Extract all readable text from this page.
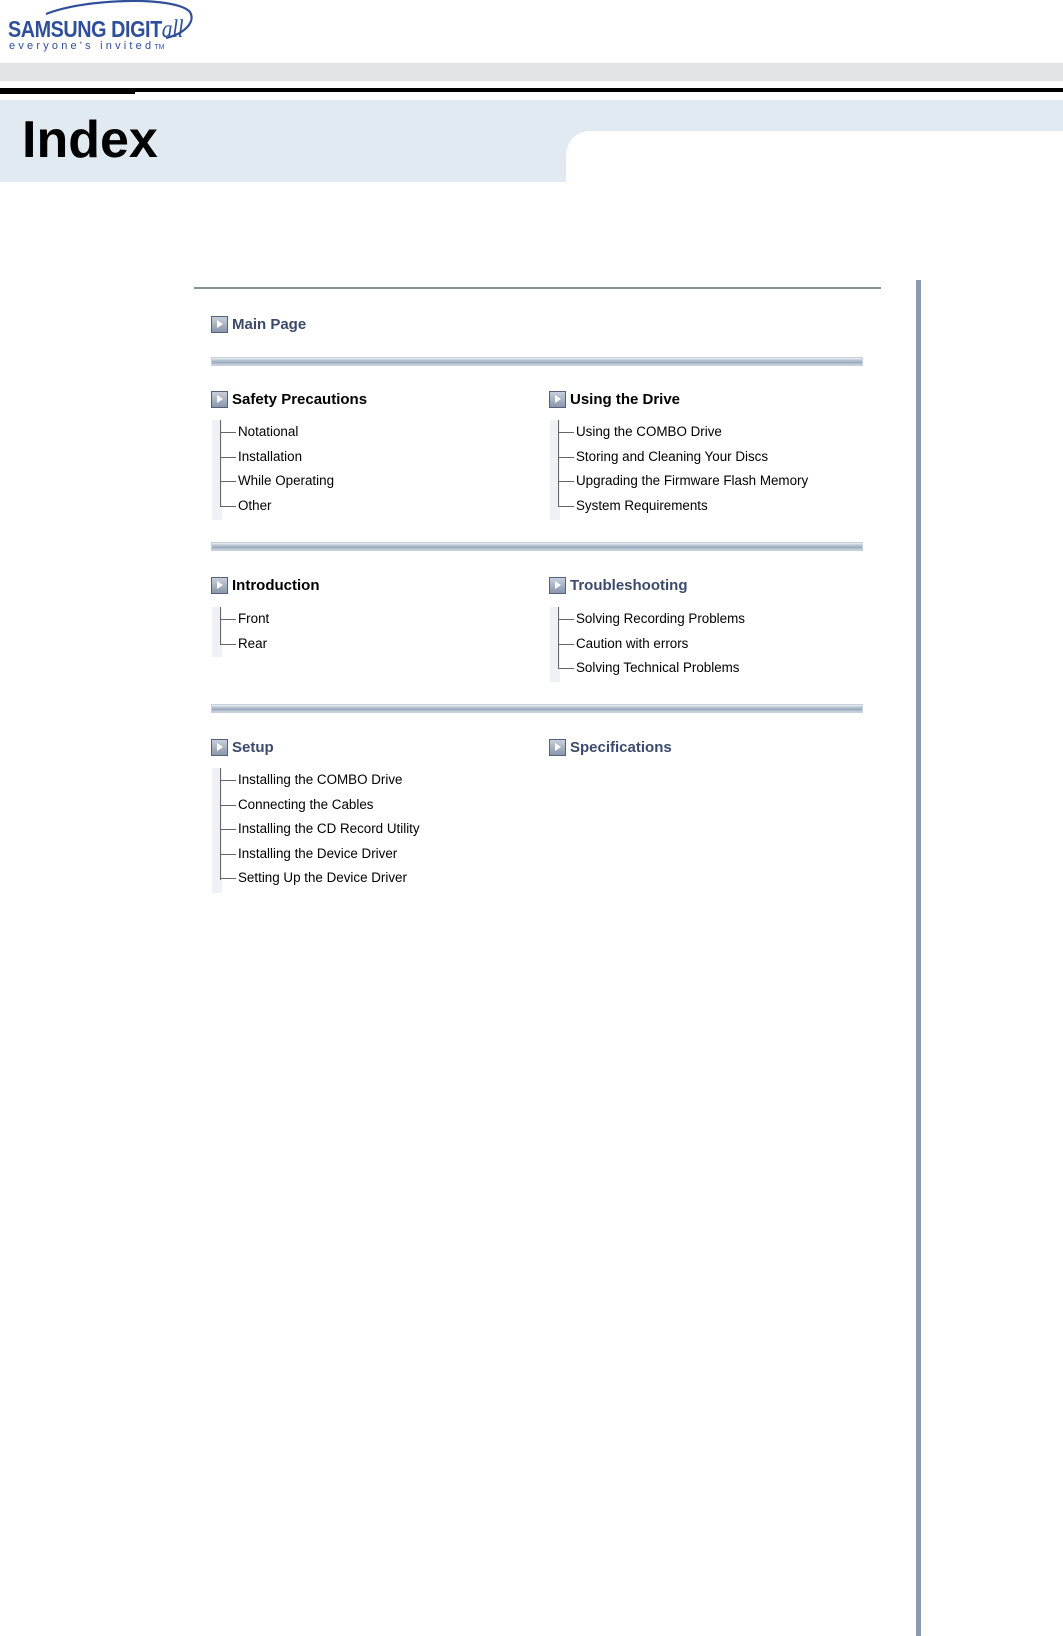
SAMSUNG DIGITall
everyone's invitedTM
Index
Main Page
Safety Precautions
Notational
Installation
While Operating
Other
Using the Drive
Using the COMBO Drive
Storing and Cleaning Your Discs
Upgrading the Firmware Flash Memory
System Requirements
Introduction
Front
Rear
Troubleshooting
Solving Recording Problems
Caution with errors
Solving Technical Problems
Setup
Installing the COMBO Drive
Connecting the Cables
Installing the CD Record Utility
Installing the Device Driver
Setting Up the Device Driver
Specifications
